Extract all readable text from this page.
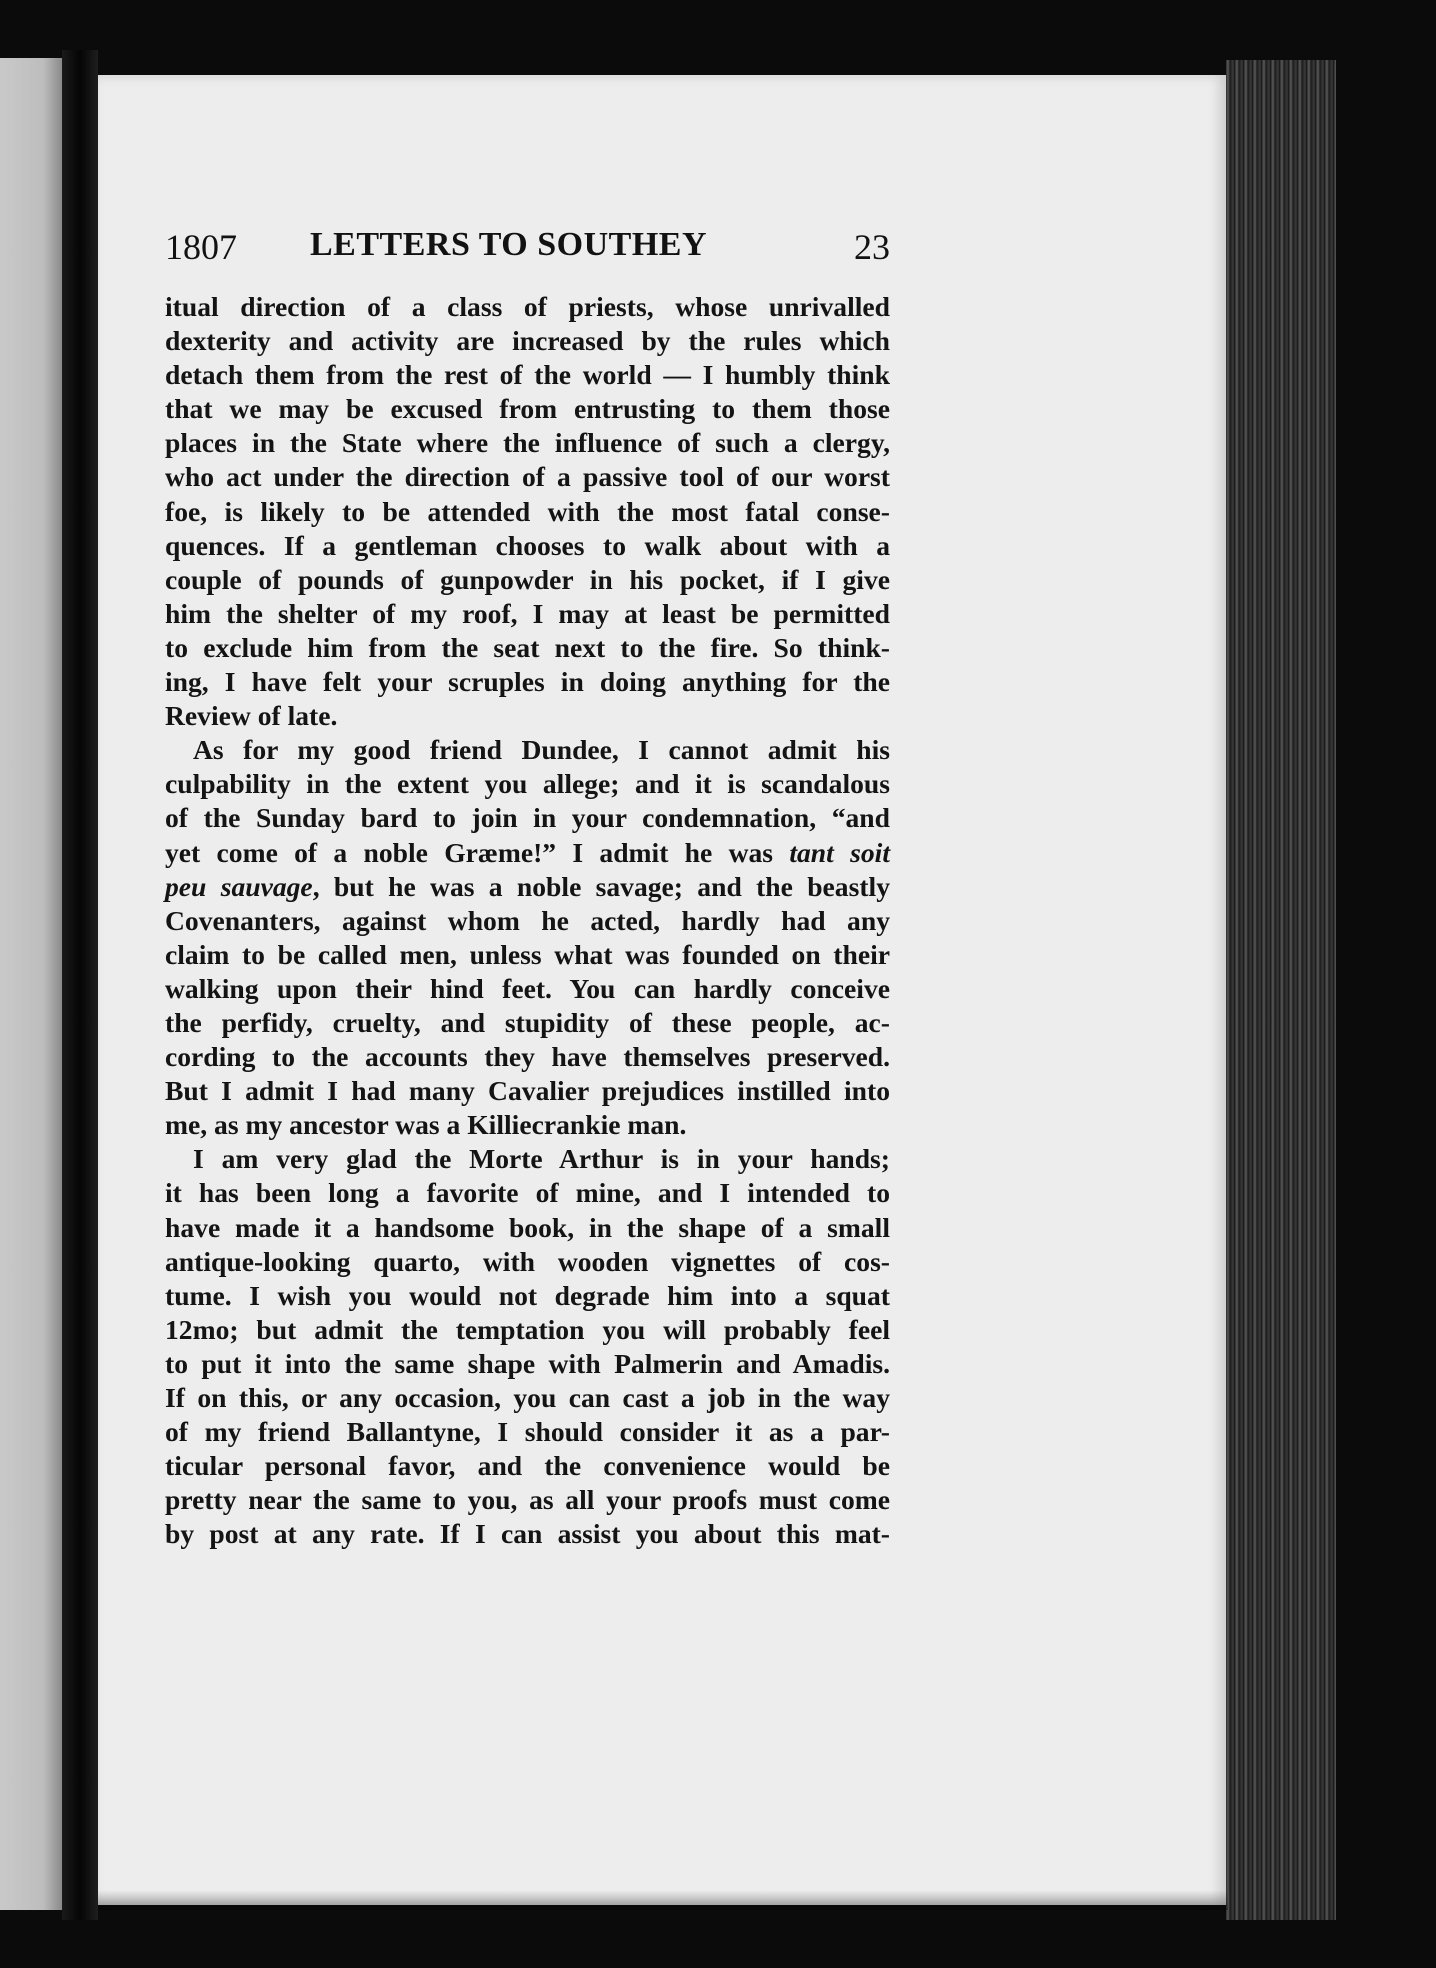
1807 LETTERS TO SOUTHEY	23
itual direction of a class of priests, whose unrivalled
dexterity and activity are increased by the rules which
detach them from the rest of the world — I humbly think
that we may be excused from entrusting to them those
places in the State where the influence of such a clergy,
who act under the direction of a passive tool of our worst
foe, is likely to be attended with the most fatal conse-
quences. If a gentleman chooses to walk about with a
couple of pounds of gunpowder in his pocket, if I give
him the shelter of my roof, I may at least be permitted
to exclude him from the seat next to the fire. So think-
ing, I have felt your scruples in doing anything for the
Review of late.
As for my good friend Dundee, I cannot admit his
culpability in the extent you allege; and it is scandalous
of the Sunday bard to join in your condemnation, “and
yet come of a noble Græme!” I admit he was tant soit
peu sauvage, but he was a noble savage; and the beastly
Covenanters, against whom he acted, hardly had any
claim to be called men, unless what was founded on their
walking upon their hind feet. You can hardly conceive
the perfidy, cruelty, and stupidity of these people, ac-
cording to the accounts they have themselves preserved.
But I admit I had many Cavalier prejudices instilled into
me, as my ancestor was a Killiecrankie man.
I am very glad the Morte Arthur is in your hands;
it has been long a favorite of mine, and I intended to
have made it a handsome book, in the shape of a small
antique-looking quarto, with wooden vignettes of cos-
tume. I wish you would not degrade him into a squat
12mo; but admit the temptation you will probably feel
to put it into the same shape with Palmerin and Amadis.
If on this, or any occasion, you can cast a job in the way
of my friend Ballantyne, I should consider it as a par-
ticular personal favor, and the convenience would be
pretty near the same to you, as all your proofs must come
by post at any rate. If I can assist you about this mat-
